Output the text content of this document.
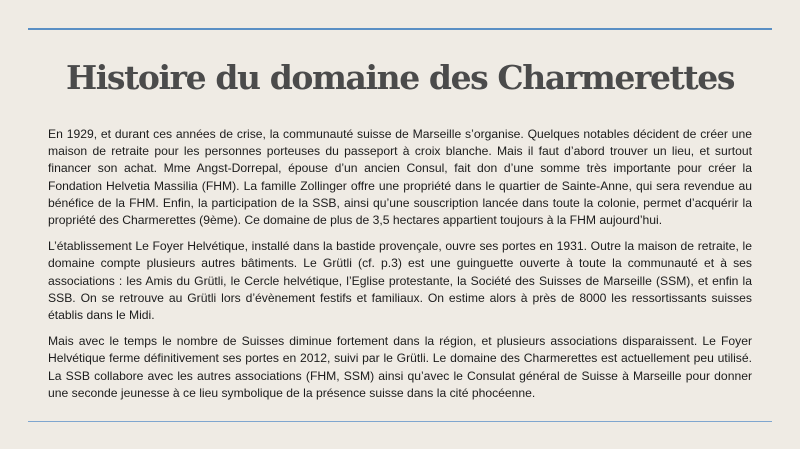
Histoire du domaine des Charmerettes

En 1929, et durant ces années de crise, la communauté suisse de Marseille s’organise. Quelques notables décident de créer une maison de retraite pour les personnes porteuses du passeport à croix blanche. Mais il faut d’abord trouver un lieu, et surtout financer son achat. Mme Angst-Dorrepal, épouse d’un ancien Consul, fait don d’une somme très importante pour créer la Fondation Helvetia Massilia (FHM). La famille Zollinger offre une propriété dans le quartier de Sainte-Anne, qui sera revendue au bénéfice de la FHM. Enfin, la participation de la SSB, ainsi qu’une souscription lancée dans toute la colonie, permet d’acquérir la propriété des Charmerettes (9ème). Ce domaine de plus de 3,5 hectares appartient toujours à la FHM aujourd’hui.

L’établissement Le Foyer Helvétique, installé dans la bastide provençale, ouvre ses portes en 1931. Outre la maison de retraite, le domaine compte plusieurs autres bâtiments. Le Grütli (cf. p.3) est une guinguette ouverte à toute la communauté et à ses associations : les Amis du Grütli, le Cercle helvétique, l’Eglise protestante, la Société des Suisses de Marseille (SSM), et enfin la SSB. On se retrouve au Grütli lors d’évènement festifs et familiaux. On estime alors à près de 8000 les ressortissants suisses établis dans le Midi.

Mais avec le temps le nombre de Suisses diminue fortement dans la région, et plusieurs associations disparaissent. Le Foyer Helvétique ferme définitivement ses portes en 2012, suivi par le Grütli. Le domaine des Charmerettes est actuellement peu utilisé. La SSB collabore avec les autres associations (FHM, SSM) ainsi qu’avec le Consulat général de Suisse à Marseille pour donner une seconde jeunesse à ce lieu symbolique de la présence suisse dans la cité phocéenne.
